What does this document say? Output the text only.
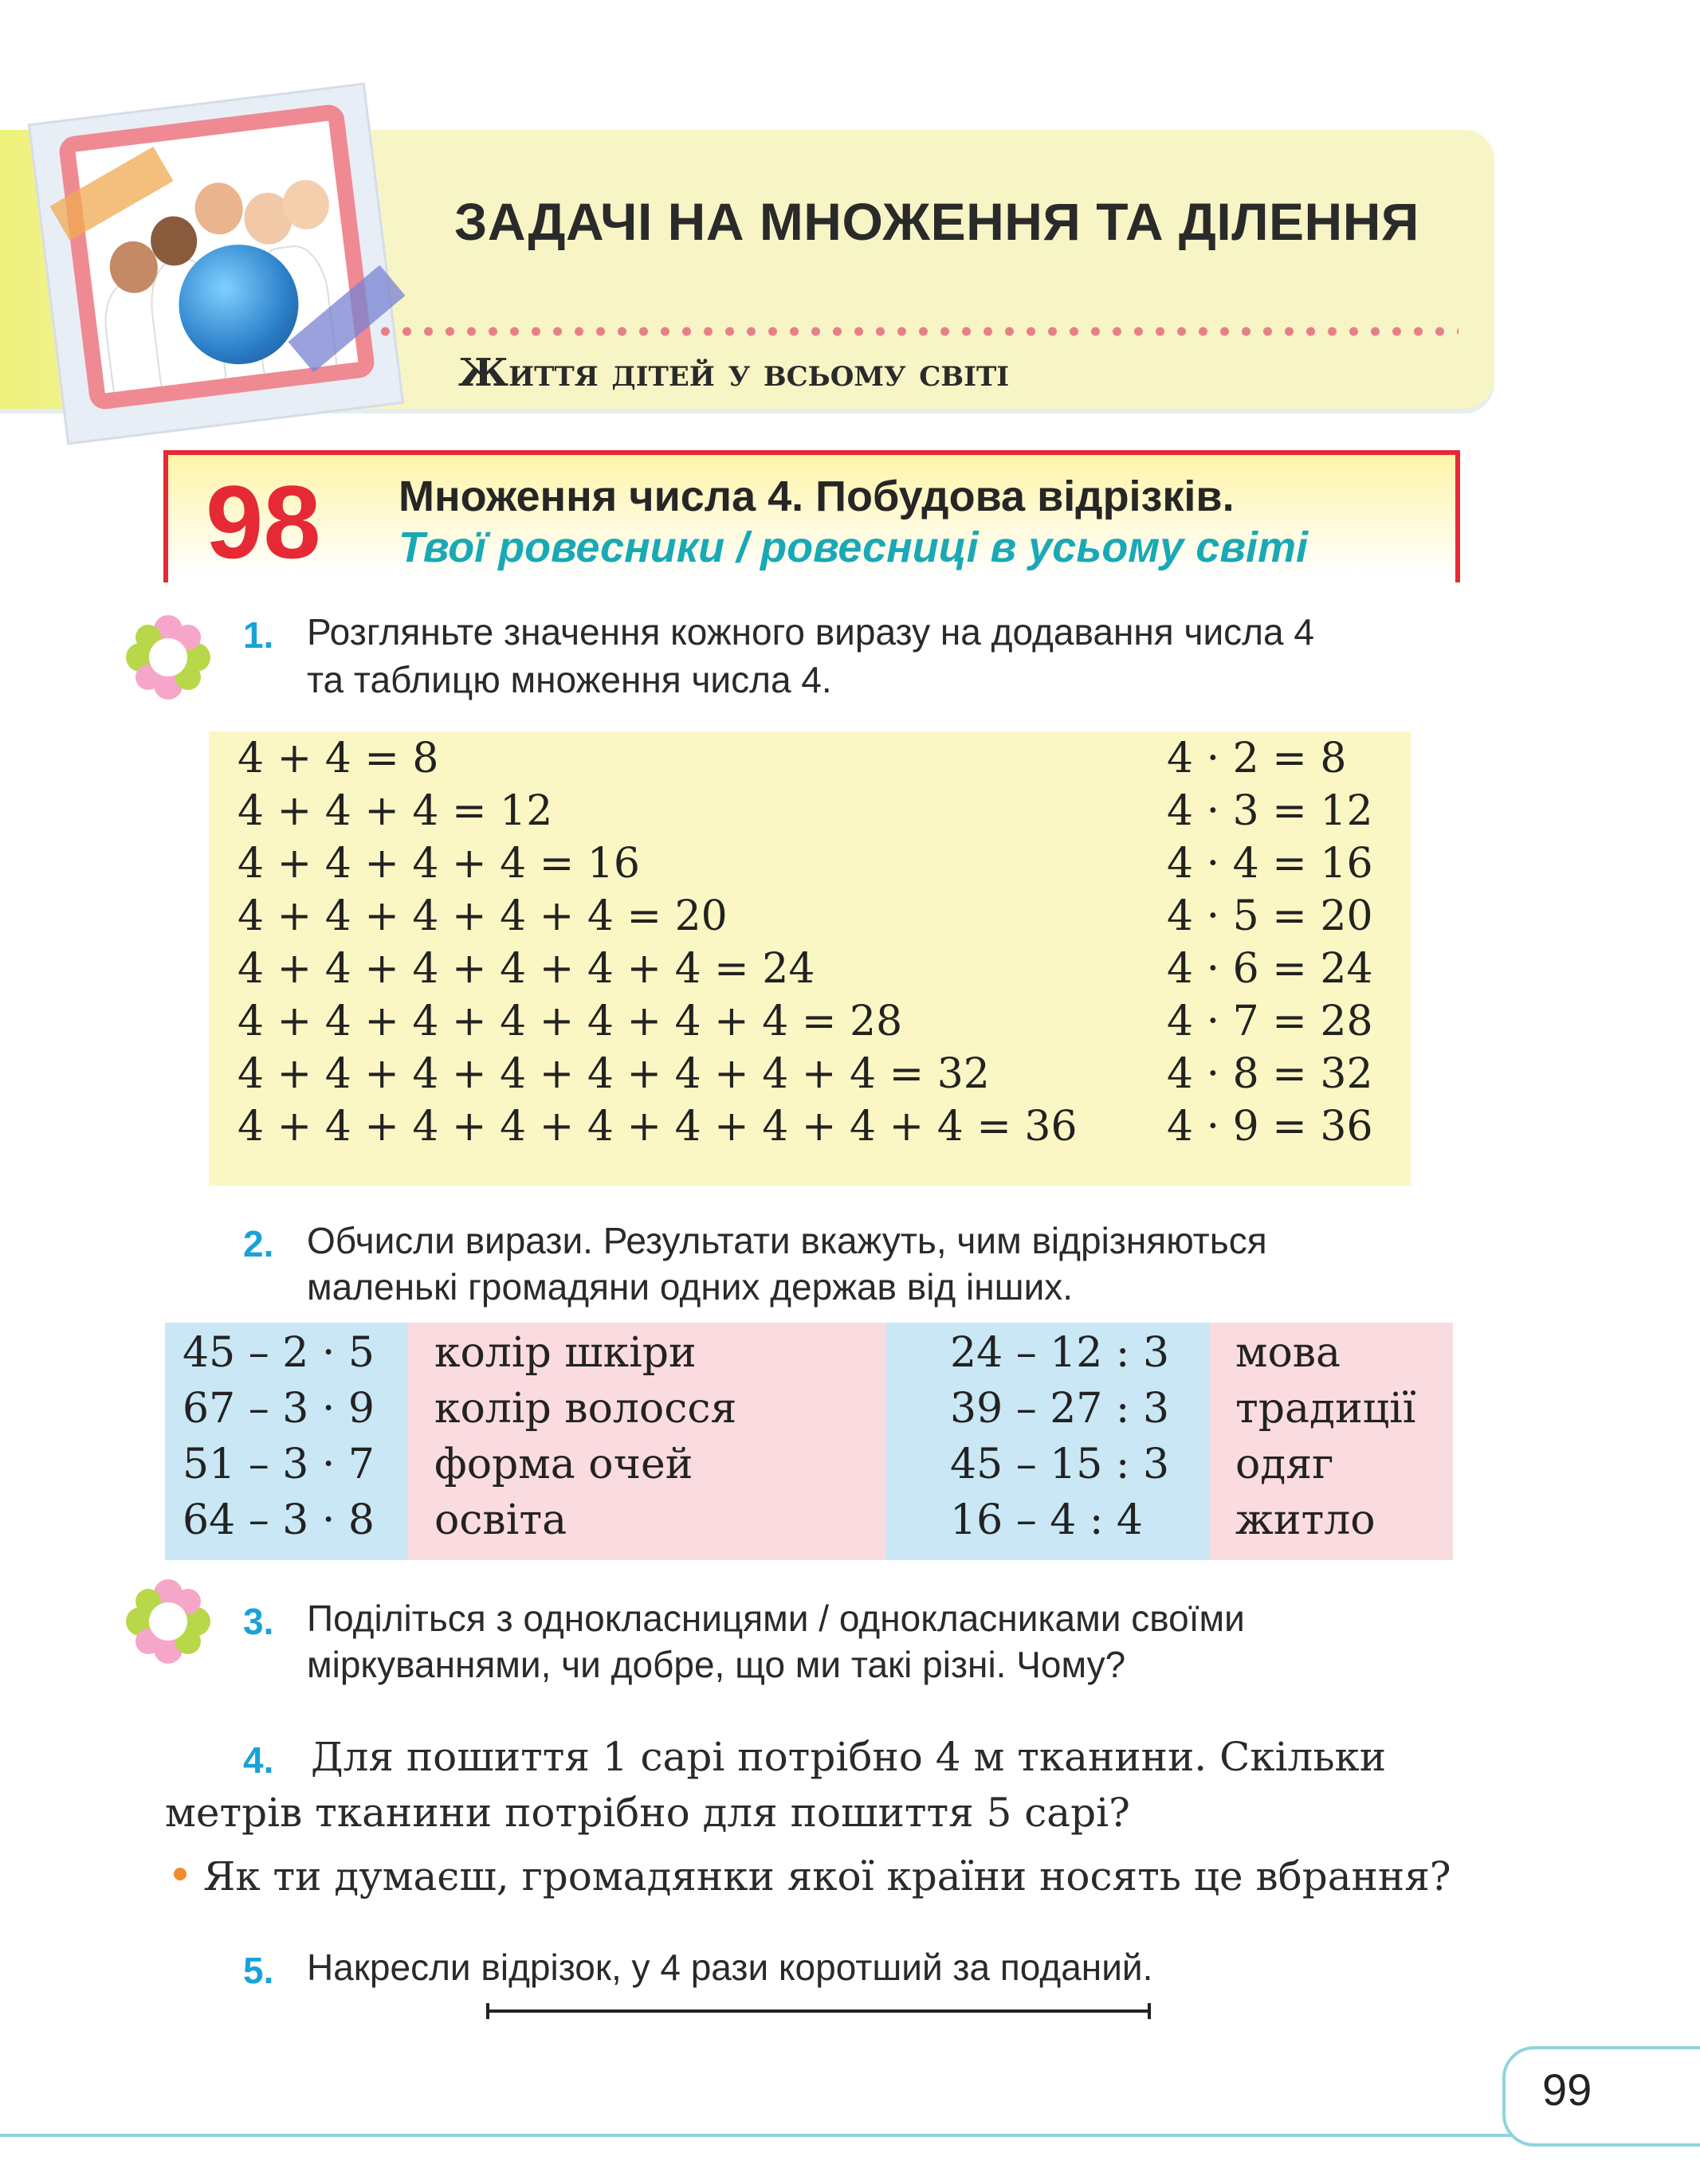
ЗАДАЧІ НА МНОЖЕННЯ ТА ДІЛЕННЯ
Життя дітей у всьому світі
98 Множення числа 4. Побудова відрізків.
Твої ровесники / ровесниці в усьому світі
1. Розгляньте значення кожного виразу на додавання числа 4
та таблицю множення числа 4.
4 + 4 = 8
4 + 4 + 4 = 12
4 + 4 + 4 + 4 = 16
4 + 4 + 4 + 4 + 4 = 20
4 + 4 + 4 + 4 + 4 + 4 = 24
4 + 4 + 4 + 4 + 4 + 4 + 4 = 28
4 + 4 + 4 + 4 + 4 + 4 + 4 + 4 = 32
4 + 4 + 4 + 4 + 4 + 4 + 4 + 4 + 4 = 36
4 · 2 = 8
4 · 3 = 12
4 · 4 = 16
4 · 5 = 20
4 · 6 = 24
4 · 7 = 28
4 · 8 = 32
4 · 9 = 36
2. Обчисли вирази. Результати вкажуть, чим відрізняються
маленькі громадяни одних держав від інших.
45 – 2 · 5
67 – 3 · 9
51 – 3 · 7
64 – 3 · 8
колір шкіри
колір волосся
форма очей
освіта
24 – 12 : 3
39 – 27 : 3
45 – 15 : 3
16 – 4 : 4
мова
традиції
одяг
житло
3. Поділіться з однокласницями / однокласниками своїми
міркуваннями, чи добре, що ми такі різні. Чому?
4. Для пошиття 1 сарі потрібно 4 м тканини. Скільки
метрів тканини потрібно для пошиття 5 сарі?
Як ти думаєш, громадянки якої країни носять це вбрання?
5. Накресли відрізок, у 4 рази коротший за поданий.
99
